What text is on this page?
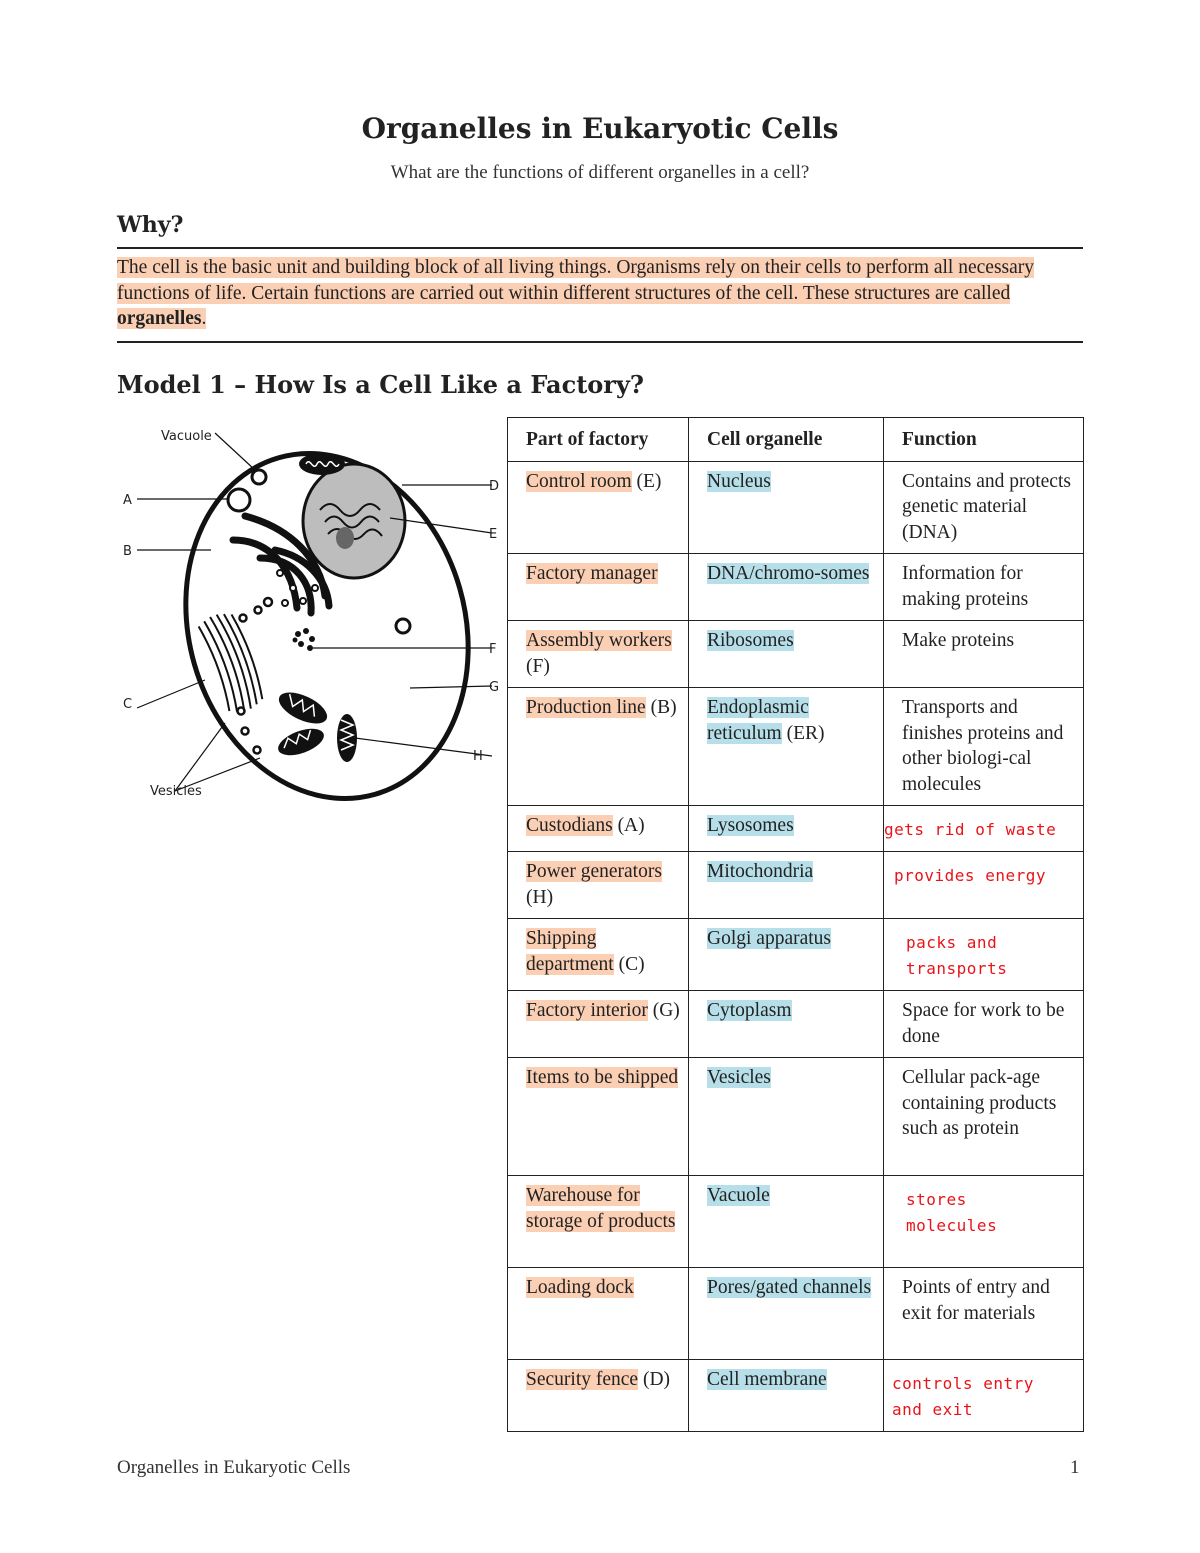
Organelles in Eukaryotic Cells
What are the functions of different organelles in a cell?
Why?
The cell is the basic unit and building block of all living things. Organisms rely on their cells to perform all necessary functions of life. Certain functions are carried out within different structures of the cell. These structures are called organelles.
Model 1 – How Is a Cell Like a Factory?
Vacuole
A
B
C
Vesicles
D
E
F
G
H
Part of factory	Cell organelle	Function
Control room (E)	Nucleus	Contains and protects genetic material (DNA)

Factory manager	DNA/chromo-somes	Information for making proteins

Assembly workers (F)	Ribosomes	Make proteins

Production line (B)	Endoplasmic reticulum (ER)	Transports and finishes proteins and other biologi-cal molecules

Custodians (A)	Lysosomes	gets rid of waste

Power generators (H)	Mitochondria	provides energy

Shipping department (C)	Golgi apparatus	packs and transports

Factory interior (G)	Cytoplasm	Space for work to be done

Items to be shipped	Vesicles	Cellular pack-age containing products such as protein

Warehouse for storage of products	Vacuole	stores molecules

Loading dock	Pores/gated channels	Points of entry and exit for materials

Security fence (D)	Cell membrane	controls entry and exit
Organelles in Eukaryotic Cells	1
